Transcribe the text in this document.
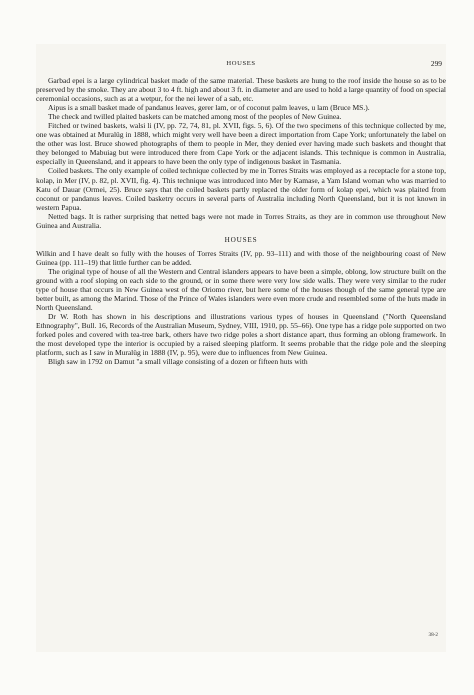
HOUSES	299

Garbad epei is a large cylindrical basket made of the same material. These baskets are hung to the roof inside the house so as to be preserved by the smoke. They are about 3 to 4 ft. high and about 3 ft. in diameter and are used to hold a large quantity of food on special ceremonial occasions, such as at a wetpur, for the nei lewer of a sab, etc.

Aipus is a small basket made of pandanus leaves, gerer lam, or of coconut palm leaves, u lam (Bruce MS.).

The check and twilled plaited baskets can be matched among most of the peoples of New Guinea.

Fitched or twined baskets, walsi li (IV, pp. 72, 74, 81, pl. XVII, figs. 5, 6). Of the two specimens of this technique collected by me, one was obtained at Muralüg in 1888, which might very well have been a direct importation from Cape York; unfortunately the label on the other was lost. Bruce showed photographs of them to people in Mer, they denied ever having made such baskets and thought that they belonged to Mabuiag but were introduced there from Cape York or the adjacent islands. This technique is common in Australia, especially in Queensland, and it appears to have been the only type of indigenous basket in Tasmania.

Coiled baskets. The only example of coiled technique collected by me in Torres Straits was employed as a receptacle for a stone top, kolap, in Mer (IV, p. 82, pl. XVII, fig. 4). This technique was introduced into Mer by Kamase, a Yam Island woman who was married to Katu of Dauar (Ormei, 25). Bruce says that the coiled baskets partly replaced the older form of kolap epei, which was plaited from coconut or pandanus leaves. Coiled basketry occurs in several parts of Australia including North Queensland, but it is not known in western Papua.

Netted bags. It is rather surprising that netted bags were not made in Torres Straits, as they are in common use throughout New Guinea and Australia.

HOUSES

Wilkin and I have dealt so fully with the houses of Torres Straits (IV, pp. 93–111) and with those of the neighbouring coast of New Guinea (pp. 111–19) that little further can be added.

The original type of house of all the Western and Central islanders appears to have been a simple, oblong, low structure built on the ground with a roof sloping on each side to the ground, or in some there were very low side walls. They were very similar to the ruder type of house that occurs in New Guinea west of the Oriomo river, but here some of the houses though of the same general type are better built, as among the Marind. Those of the Prince of Wales islanders were even more crude and resembled some of the huts made in North Queensland.

Dr W. Roth has shown in his descriptions and illustrations various types of houses in Queensland ("North Queensland Ethnography", Bull. 16, Records of the Australian Museum, Sydney, VIII, 1910, pp. 55–66). One type has a ridge pole supported on two forked poles and covered with tea-tree bark, others have two ridge poles a short distance apart, thus forming an oblong framework. In the most developed type the interior is occupied by a raised sleeping platform. It seems probable that the ridge pole and the sleeping platform, such as I saw in Muralüg in 1888 (IV, p. 95), were due to influences from New Guinea.

Bligh saw in 1792 on Damut "a small village consisting of a dozen or fifteen huts with

38-2
